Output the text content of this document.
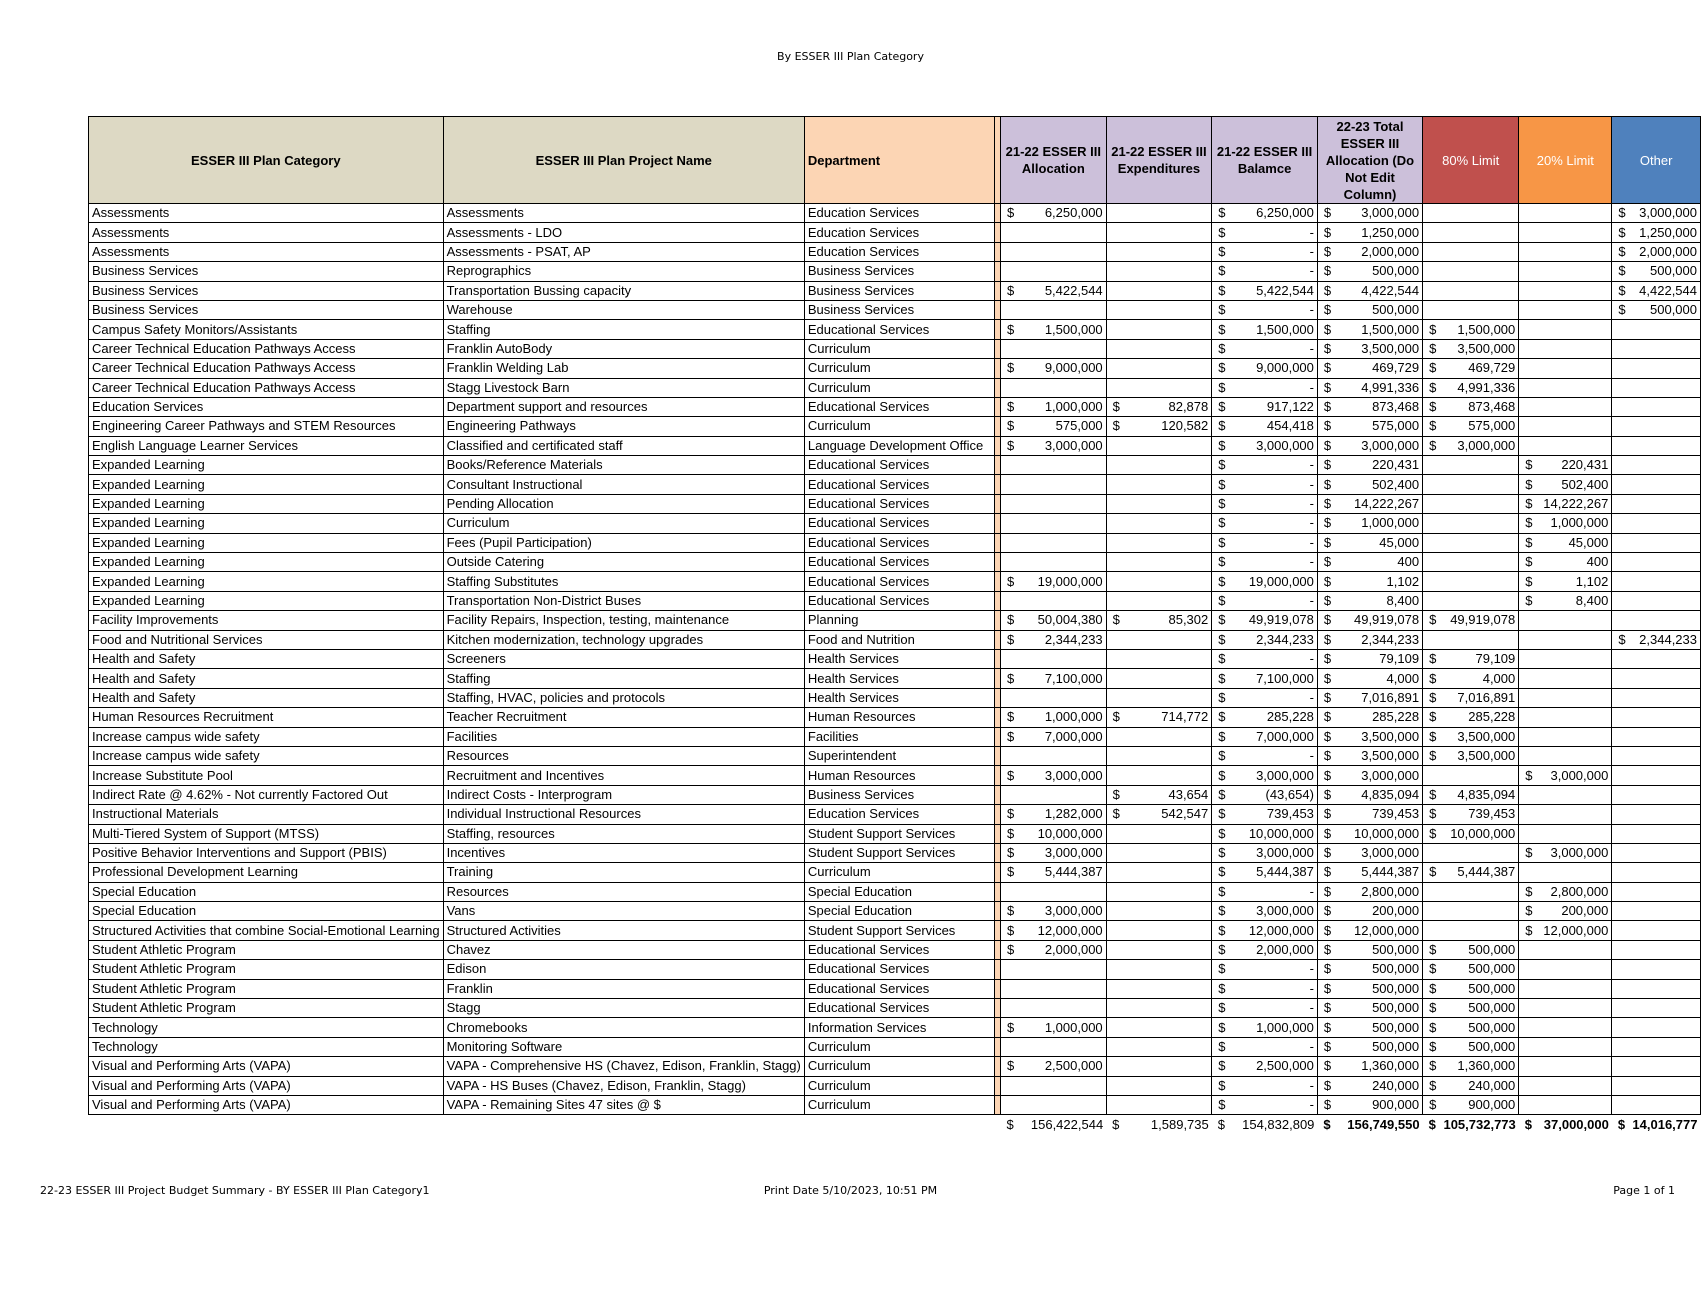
By ESSER III Plan Category
ESSER III Plan Category	ESSER III Plan Project Name	Department		21-22 ESSER III Allocation	21-22 ESSER III Expenditures	21-22 ESSER III Balamce	22-23 Total ESSER III Allocation (Do Not Edit Column)	80% Limit	20% Limit	Other
Assessments	Assessments	Education Services		$ 6,250,000		$ 6,250,000	$ 3,000,000			$ 3,000,000

Assessments	Assessments - LDO	Education Services				$ -	$ 1,250,000			$ 1,250,000

Assessments	Assessments - PSAT, AP	Education Services				$ -	$ 2,000,000			$ 2,000,000

Business Services	Reprographics	Business Services				$ -	$ 500,000			$ 500,000

Business Services	Transportation Bussing capacity	Business Services		$ 5,422,544		$ 5,422,544	$ 4,422,544			$ 4,422,544

Business Services	Warehouse	Business Services				$ -	$ 500,000			$ 500,000

Campus Safety Monitors/Assistants	Staffing	Educational Services		$ 1,500,000		$ 1,500,000	$ 1,500,000	$ 1,500,000		

Career Technical Education Pathways Access	Franklin AutoBody	Curriculum				$ -	$ 3,500,000	$ 3,500,000		

Career Technical Education Pathways Access	Franklin Welding Lab	Curriculum		$ 9,000,000		$ 9,000,000	$ 469,729	$ 469,729		

Career Technical Education Pathways Access	Stagg Livestock Barn	Curriculum				$ -	$ 4,991,336	$ 4,991,336		

Education Services	Department support and resources	Educational Services		$ 1,000,000	$ 82,878	$ 917,122	$ 873,468	$ 873,468		

Engineering Career Pathways and STEM Resources	Engineering Pathways	Curriculum		$ 575,000	$ 120,582	$ 454,418	$ 575,000	$ 575,000		

English Language Learner Services	Classified and certificated staff	Language Development Office		$ 3,000,000		$ 3,000,000	$ 3,000,000	$ 3,000,000		

Expanded Learning	Books/Reference Materials	Educational Services				$ -	$ 220,431		$ 220,431	

Expanded Learning	Consultant Instructional	Educational Services				$ -	$ 502,400		$ 502,400	

Expanded Learning	Pending Allocation	Educational Services				$ -	$ 14,222,267		$ 14,222,267	

Expanded Learning	Curriculum	Educational Services				$ -	$ 1,000,000		$ 1,000,000	

Expanded Learning	Fees (Pupil Participation)	Educational Services				$ -	$ 45,000		$ 45,000	

Expanded Learning	Outside Catering	Educational Services				$ -	$ 400		$ 400	

Expanded Learning	Staffing Substitutes	Educational Services		$ 19,000,000		$ 19,000,000	$ 1,102		$ 1,102	

Expanded Learning	Transportation Non-District Buses	Educational Services				$ -	$ 8,400		$ 8,400	

Facility Improvements	Facility Repairs, Inspection, testing, maintenance	Planning		$ 50,004,380	$ 85,302	$ 49,919,078	$ 49,919,078	$ 49,919,078		

Food and Nutritional Services	Kitchen modernization, technology upgrades	Food and Nutrition		$ 2,344,233		$ 2,344,233	$ 2,344,233			$ 2,344,233

Health and Safety	Screeners	Health Services				$ -	$ 79,109	$ 79,109		

Health and Safety	Staffing	Health Services		$ 7,100,000		$ 7,100,000	$ 4,000	$ 4,000		

Health and Safety	Staffing, HVAC, policies and protocols	Health Services				$ -	$ 7,016,891	$ 7,016,891		

Human Resources Recruitment	Teacher Recruitment	Human Resources		$ 1,000,000	$ 714,772	$ 285,228	$ 285,228	$ 285,228		

Increase campus wide safety	Facilities	Facilities		$ 7,000,000		$ 7,000,000	$ 3,500,000	$ 3,500,000		

Increase campus wide safety	Resources	Superintendent				$ -	$ 3,500,000	$ 3,500,000		

Increase Substitute Pool	Recruitment and Incentives	Human Resources		$ 3,000,000		$ 3,000,000	$ 3,000,000		$ 3,000,000	

Indirect Rate @ 4.62% - Not currently Factored Out	Indirect Costs - Interprogram	Business Services			$ 43,654	$ (43,654)	$ 4,835,094	$ 4,835,094		

Instructional Materials	Individual Instructional Resources	Education Services		$ 1,282,000	$ 542,547	$ 739,453	$ 739,453	$ 739,453		

Multi-Tiered System of Support (MTSS)	Staffing, resources	Student Support Services		$ 10,000,000		$ 10,000,000	$ 10,000,000	$ 10,000,000		

Positive Behavior Interventions and Support (PBIS)	Incentives	Student Support Services		$ 3,000,000		$ 3,000,000	$ 3,000,000		$ 3,000,000	

Professional Development Learning	Training	Curriculum		$ 5,444,387		$ 5,444,387	$ 5,444,387	$ 5,444,387		

Special Education	Resources	Special Education				$ -	$ 2,800,000		$ 2,800,000	

Special Education	Vans	Special Education		$ 3,000,000		$ 3,000,000	$ 200,000		$ 200,000	

Structured Activities that combine Social-Emotional Learning	Structured Activities	Student Support Services		$ 12,000,000		$ 12,000,000	$ 12,000,000		$ 12,000,000	

Student Athletic Program	Chavez	Educational Services		$ 2,000,000		$ 2,000,000	$ 500,000	$ 500,000		

Student Athletic Program	Edison	Educational Services				$ -	$ 500,000	$ 500,000		

Student Athletic Program	Franklin	Educational Services				$ -	$ 500,000	$ 500,000		

Student Athletic Program	Stagg	Educational Services				$ -	$ 500,000	$ 500,000		

Technology	Chromebooks	Information Services		$ 1,000,000		$ 1,000,000	$ 500,000	$ 500,000		

Technology	Monitoring Software	Curriculum				$ -	$ 500,000	$ 500,000		

Visual and Performing Arts (VAPA)	VAPA - Comprehensive HS (Chavez, Edison, Franklin, Stagg)	Curriculum		$ 2,500,000		$ 2,500,000	$ 1,360,000	$ 1,360,000		

Visual and Performing Arts (VAPA)	VAPA - HS Buses (Chavez, Edison, Franklin, Stagg)	Curriculum				$ -	$ 240,000	$ 240,000		

Visual and Performing Arts (VAPA)	VAPA - Remaining Sites 47 sites @ $	Curriculum				$ -	$ 900,000	$ 900,000		

				$ 156,422,544	$ 1,589,735	$ 154,832,809	$ 156,749,550	$ 105,732,773	$ 37,000,000	$ 14,016,777
22-23 ESSER III Project Budget Summary - BY ESSER III Plan Category1	Print Date 5/10/2023, 10:51 PM	Page 1 of 1
